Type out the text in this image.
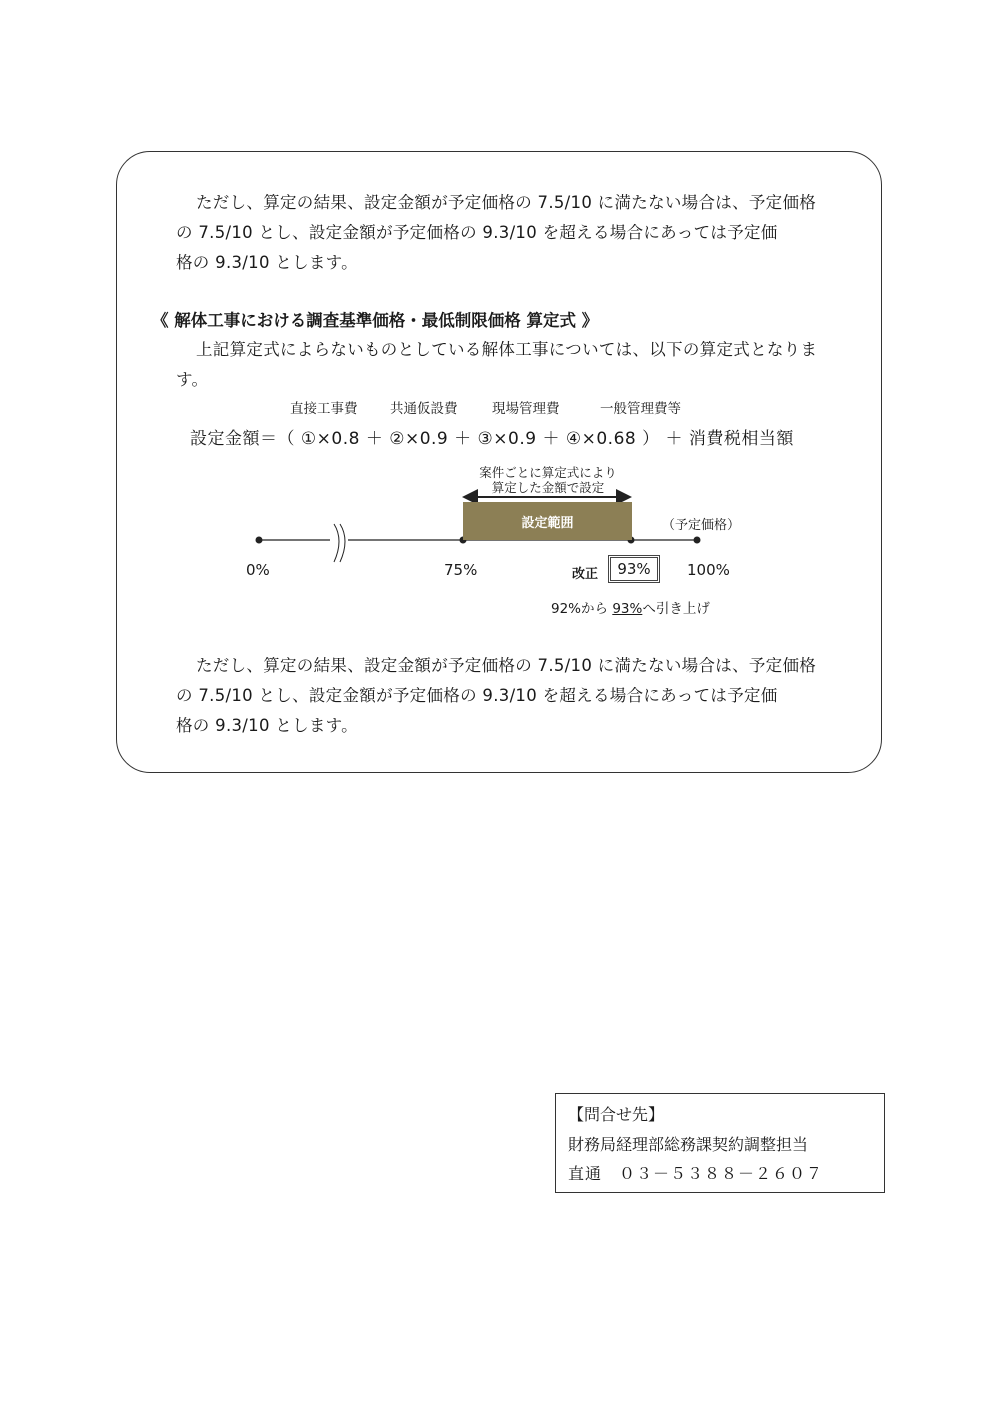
ただし、算定の結果、設定金額が予定価格の 7.5/10 に満たない場合は、予定価格
の 7.5/10 とし、設定金額が予定価格の 9.3/10 を超える場合にあっては予定価
格の 9.3/10 とします。

《 解体工事における調査基準価格・最低制限価格 算定式 》

上記算定式によらないものとしている解体工事については、以下の算定式となりま
す。

直接工事費 共通仮設費	現場管理費	一般管理費等
設定金額＝（ ①×0.8 ＋ ②×0.9 ＋ ③×0.9 ＋ ④×0.68 ） ＋ 消費税相当額
案件ごとに算定式により
算定した金額で設定
設定範囲	（予定価格）
0%	75%	改正	93%	100%
92%から 93%へ引き上げ

ただし、算定の結果、設定金額が予定価格の 7.5/10 に満たない場合は、予定価格
の 7.5/10 とし、設定金額が予定価格の 9.3/10 を超える場合にあっては予定価
格の 9.3/10 とします。

【問合せ先】
財務局経理部総務課契約調整担当
直通　０３－５３８８－２６０７
